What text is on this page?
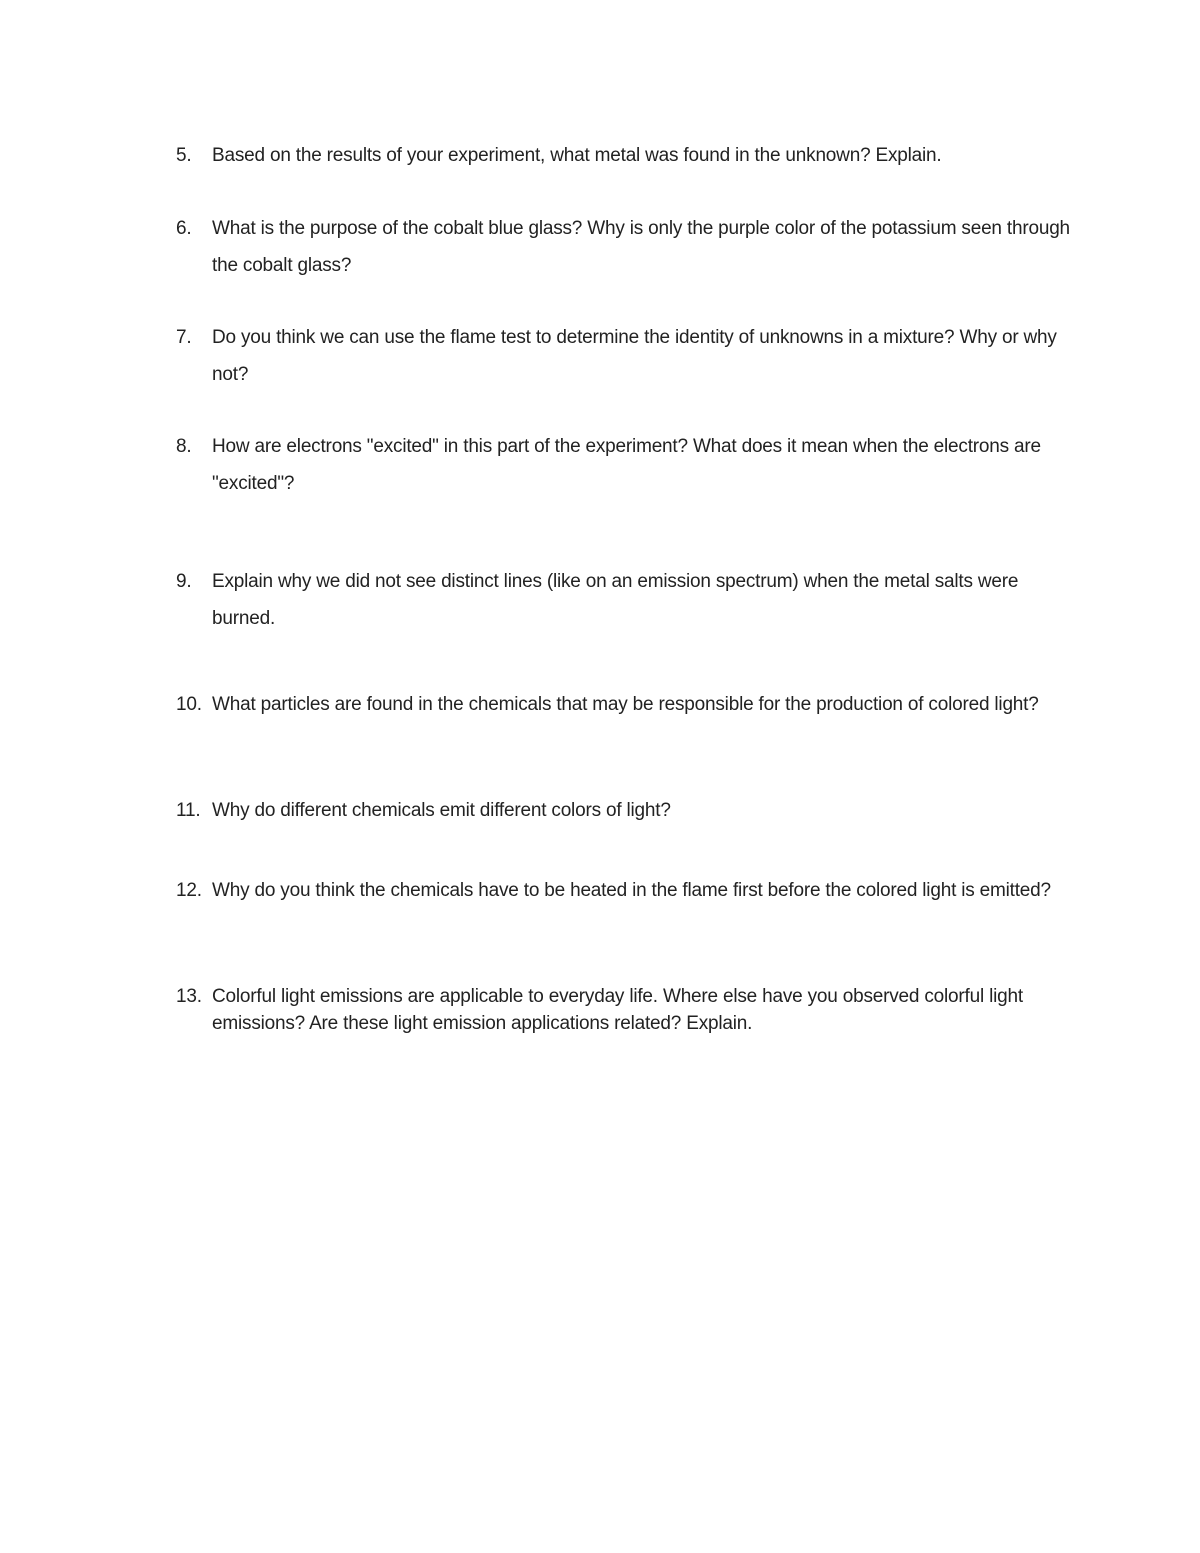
5. Based on the results of your experiment, what metal was found in the unknown? Explain.
6. What is the purpose of the cobalt blue glass? Why is only the purple color of the potassium seen through the cobalt glass?
7. Do you think we can use the flame test to determine the identity of unknowns in a mixture? Why or why not?
8. How are electrons "excited" in this part of the experiment? What does it mean when the electrons are "excited"?
9. Explain why we did not see distinct lines (like on an emission spectrum) when the metal salts were burned.
10. What particles are found in the chemicals that may be responsible for the production of colored light?
11. Why do different chemicals emit different colors of light?
12. Why do you think the chemicals have to be heated in the flame first before the colored light is emitted?
13. Colorful light emissions are applicable to everyday life. Where else have you observed colorful light emissions? Are these light emission applications related? Explain.
